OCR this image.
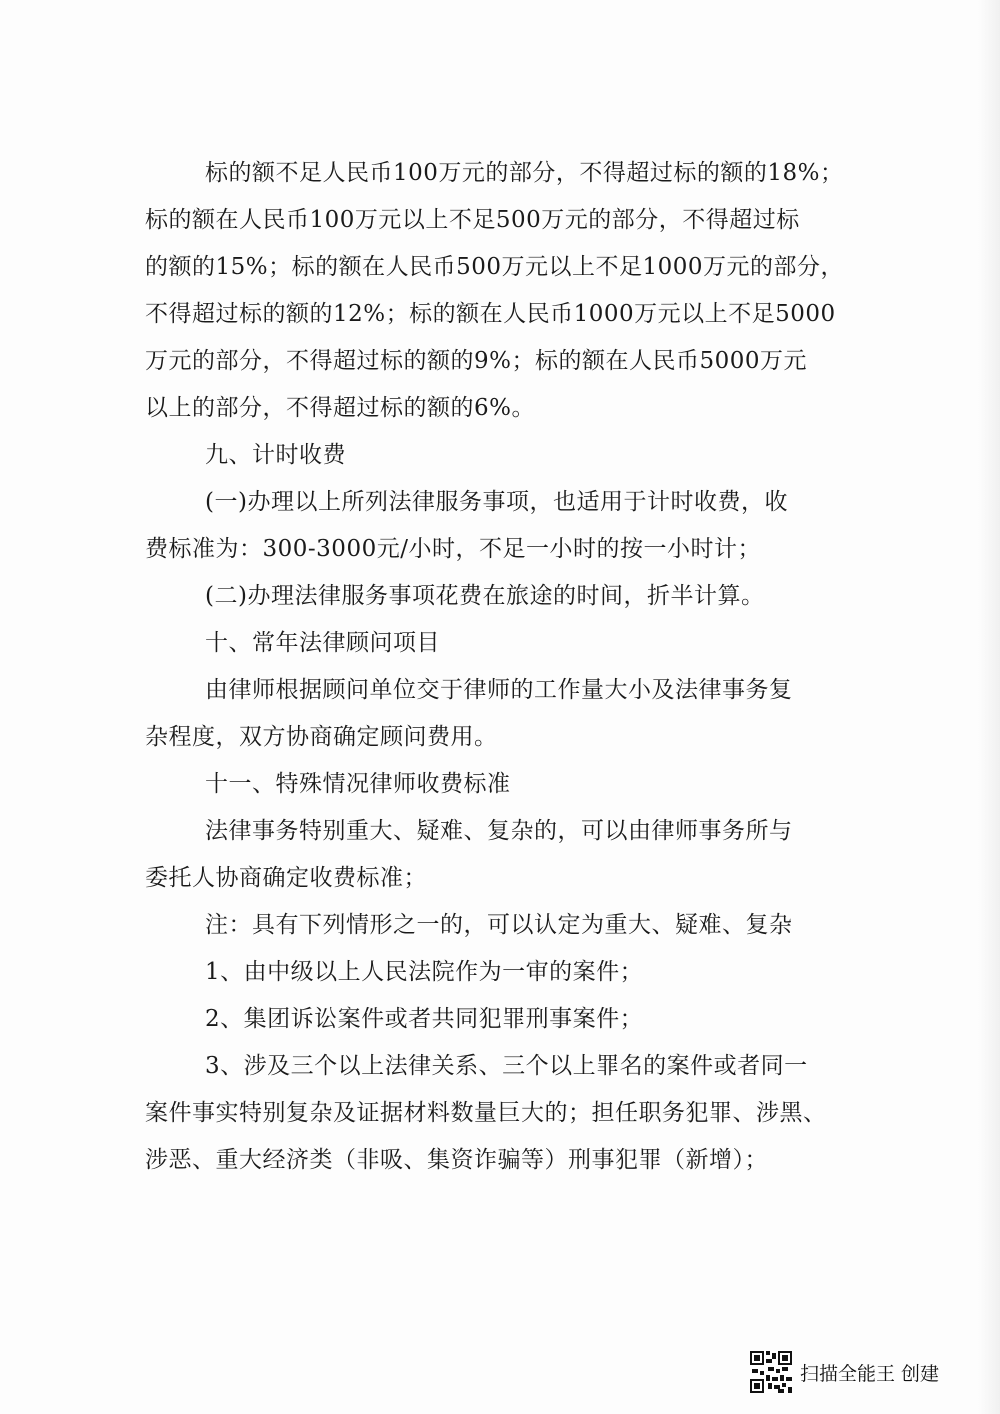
标的额不足人民币100万元的部分，不得超过标的额的18%；
标的额在人民币100万元以上不足500万元的部分，不得超过标
的额的15%；标的额在人民币500万元以上不足1000万元的部分，
不得超过标的额的12%；标的额在人民币1000万元以上不足5000
万元的部分，不得超过标的额的9%；标的额在人民币5000万元
以上的部分，不得超过标的额的6%。
九、计时收费
(一)办理以上所列法律服务事项，也适用于计时收费，收
费标准为：300-3000元/小时，不足一小时的按一小时计；
(二)办理法律服务事项花费在旅途的时间，折半计算。
十、常年法律顾问项目
由律师根据顾问单位交于律师的工作量大小及法律事务复
杂程度，双方协商确定顾问费用。
十一、特殊情况律师收费标准
法律事务特别重大、疑难、复杂的，可以由律师事务所与
委托人协商确定收费标准；
注：具有下列情形之一的，可以认定为重大、疑难、复杂
1、由中级以上人民法院作为一审的案件；
2、集团诉讼案件或者共同犯罪刑事案件；
3、涉及三个以上法律关系、三个以上罪名的案件或者同一
案件事实特别复杂及证据材料数量巨大的；担任职务犯罪、涉黑、
涉恶、重大经济类（非吸、集资诈骗等）刑事犯罪（新增）；
扫描全能王 创建
